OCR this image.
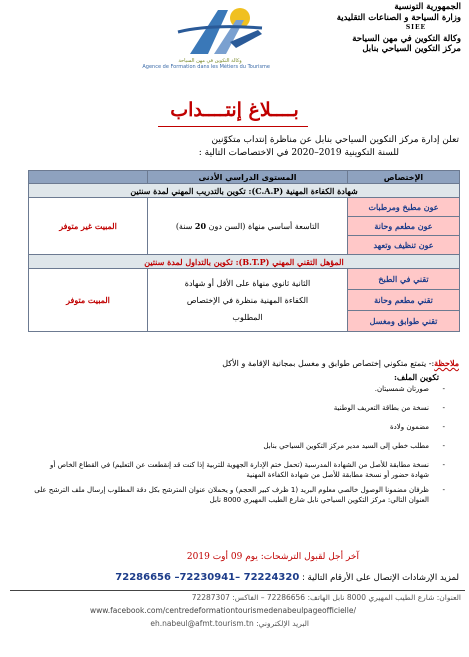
الجمهورية التونسية
وزارة السياحة و الصناعات التقليدية
SIEE
وكالة التكوين في مهن السياحة
مركز التكوين السياحي بنابل
وكالة التكوين في مهن السياحة
Agence de Formation dans les Métiers du Tourisme
بــــلاغ إنتــــداب
تعلن إدارة مركز التكوين السياحي بنابل عن مناظرة إنتداب متكوّنين
للسنة التكوينية 2019–2020 في الاختصاصات التالية :
الإختصاص	المستوى الدراسي الأدنى	
شهادة الكفاءة المهنية (C.A.P): تكوين بالتدريب المهني لمدة سنتين		
عون مطبخ ومرطبات	التاسعة أساسي منهاة (السن دون 20 سنة)	المبيت غير متوفر
عون مطعم وحانة		
عون تنظيف وتعهد		
المؤهل التقني المهني (B.T.P): تكوين بالتداول لمدة سنتين		
تقني في الطبخ	الثانية ثانوي منهاة على الأقل أو شهادة
الكفاءة المهنية منظرة في الإختصاص
المطلوب	المبيت متوفر
تقني مطعم وحانة		
تقني طوابق ومغسل		
ملاحظة:- يتمتع متكوني إختصاص طوابق و مغسل بمجانية الإقامة و الأكل
تكوين الملف:
- صورتان شمسيتان.
- نسخة من بطاقة التعريف الوطنية
- مضمون ولادة
- مطلب خطي إلى السيد مدير مركز التكوين السياحي بنابل
- نسخة مطابقة للأصل من الشهادة المدرسية (تحمل ختم الإدارة الجهوية للتربية إذا كنت قد إنقطعت عن التعليم) في القطاع الخاص أو شهادة حضور أو نسخة مطابقة للأصل من شهادة الكفاءة المهنية
- ظرفان مضمونا الوصول خالصي معلوم البريد (1 ظرف كبير الحجم) و يحملان عنوان المترشح بكل دقة المطلوب إرسال ملف الترشح على العنوان التالي: مركز التكوين السياحي نابل شارع الطيب المهيري 8000 نابل
آخر أجل لقبول الترشحات: يوم 09 أوت 2019
لمزيد الإرشادات الإتصال على الأرقام التالية : 72224320 –72230941– 72286656
العنوان: شارع الطيب المهيري 8000 نابل الهاتف: 72286656 – الفاكس: 72287307
www.facebook.com/centredeformationtourismedenabeulpageofficielle/
البريد الإلكتروني: eh.nabeul@afmt.tourism.tn
